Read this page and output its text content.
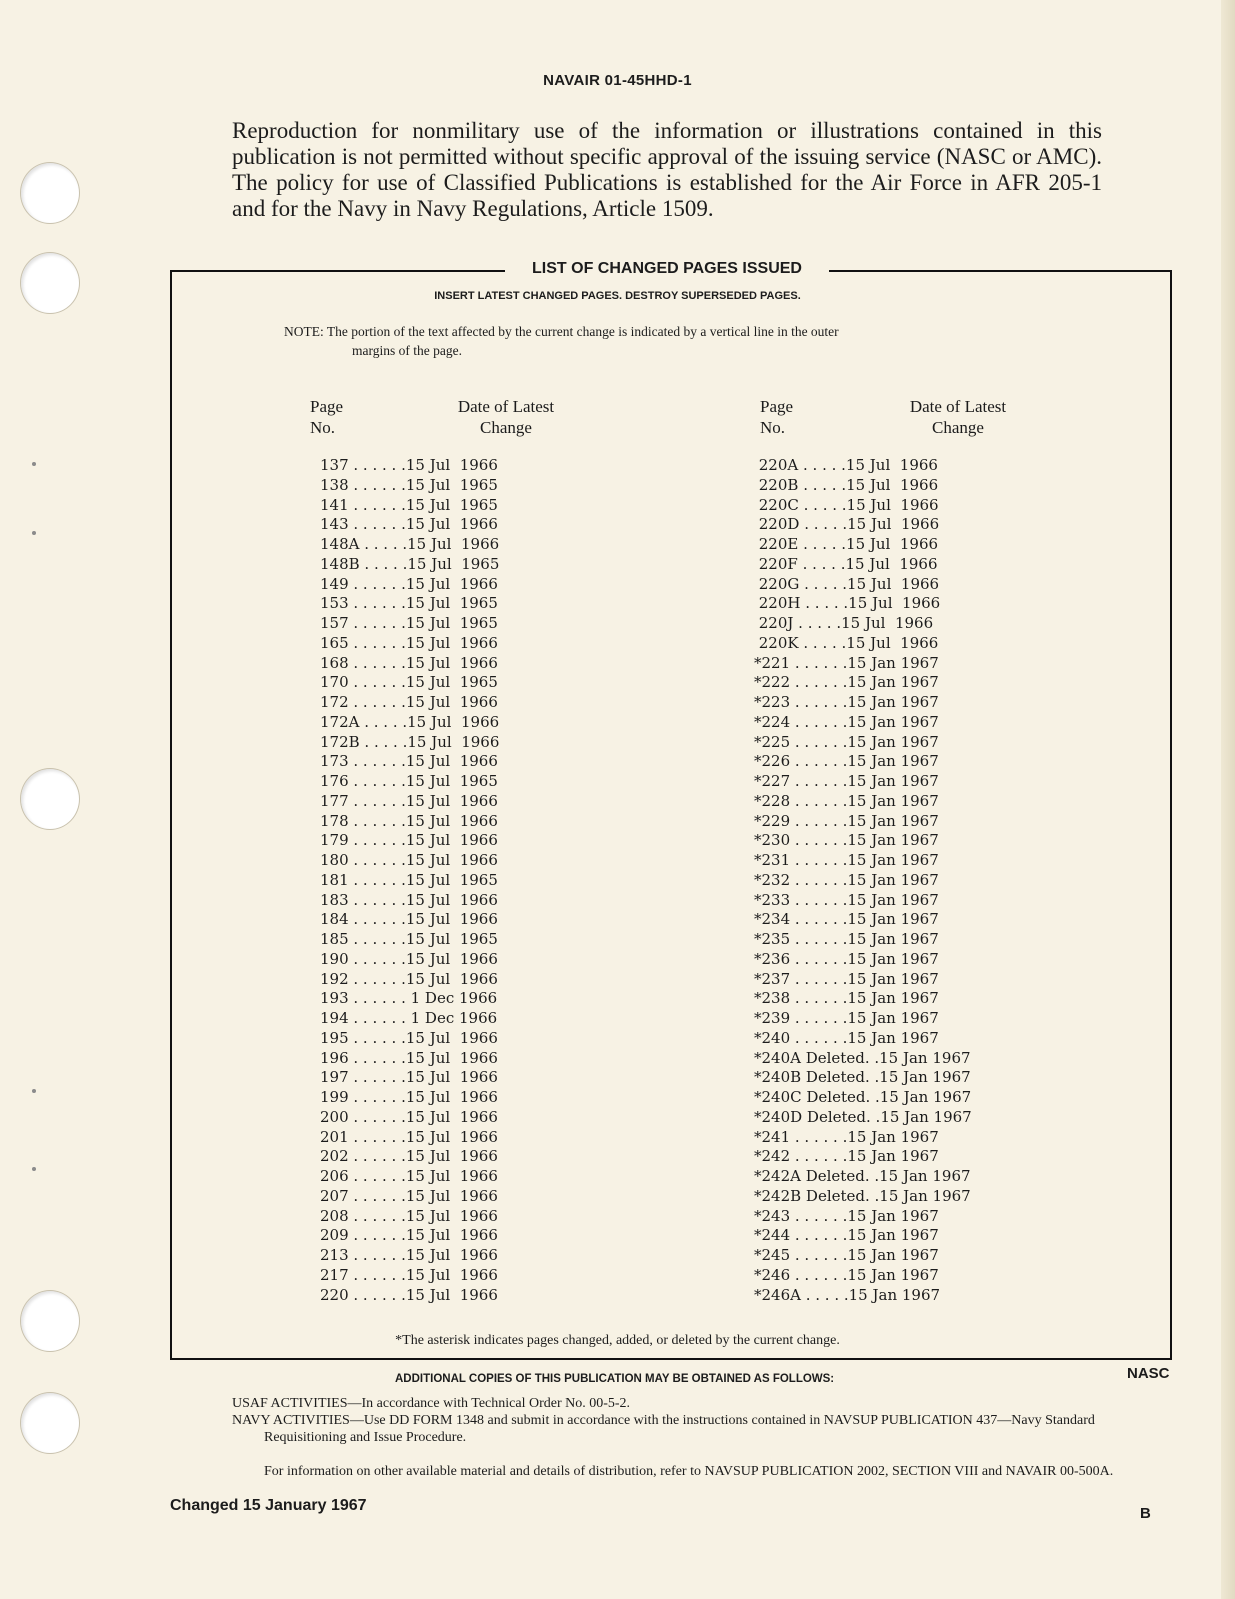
NAVAIR 01-45HHD-1
Reproduction for nonmilitary use of the information or illustrations contained in this publication is not permitted without specific approval of the issuing service (NASC or AMC). The policy for use of Classified Publications is established for the Air Force in AFR 205-1 and for the Navy in Navy Regulations, Article 1509.
LIST OF CHANGED PAGES ISSUED
INSERT LATEST CHANGED PAGES. DESTROY SUPERSEDED PAGES.
NOTE: The portion of the text affected by the current change is indicated by a vertical line in the outer
margins of the page.
Page
No.
Date of Latest
Change
Page
No.
Date of Latest
Change
137 . . . . . .15 Jul  1966
138 . . . . . .15 Jul  1965
141 . . . . . .15 Jul  1965
143 . . . . . .15 Jul  1966
148A . . . . .15 Jul  1966
148B . . . . .15 Jul  1965
149 . . . . . .15 Jul  1966
153 . . . . . .15 Jul  1965
157 . . . . . .15 Jul  1965
165 . . . . . .15 Jul  1966
168 . . . . . .15 Jul  1966
170 . . . . . .15 Jul  1965
172 . . . . . .15 Jul  1966
172A . . . . .15 Jul  1966
172B . . . . .15 Jul  1966
173 . . . . . .15 Jul  1966
176 . . . . . .15 Jul  1965
177 . . . . . .15 Jul  1966
178 . . . . . .15 Jul  1966
179 . . . . . .15 Jul  1966
180 . . . . . .15 Jul  1966
181 . . . . . .15 Jul  1965
183 . . . . . .15 Jul  1966
184 . . . . . .15 Jul  1966
185 . . . . . .15 Jul  1965
190 . . . . . .15 Jul  1966
192 . . . . . .15 Jul  1966
193 . . . . . . 1 Dec 1966
194 . . . . . . 1 Dec 1966
195 . . . . . .15 Jul  1966
196 . . . . . .15 Jul  1966
197 . . . . . .15 Jul  1966
199 . . . . . .15 Jul  1966
200 . . . . . .15 Jul  1966
201 . . . . . .15 Jul  1966
202 . . . . . .15 Jul  1966
206 . . . . . .15 Jul  1966
207 . . . . . .15 Jul  1966
208 . . . . . .15 Jul  1966
209 . . . . . .15 Jul  1966
213 . . . . . .15 Jul  1966
217 . . . . . .15 Jul  1966
220 . . . . . .15 Jul  1966
220A . . . . .15 Jul  1966
220B . . . . .15 Jul  1966
220C . . . . .15 Jul  1966
220D . . . . .15 Jul  1966
220E . . . . .15 Jul  1966
220F . . . . .15 Jul  1966
220G . . . . .15 Jul  1966
220H . . . . .15 Jul  1966
220J . . . . .15 Jul  1966
220K . . . . .15 Jul  1966
*221 . . . . . .15 Jan 1967
*222 . . . . . .15 Jan 1967
*223 . . . . . .15 Jan 1967
*224 . . . . . .15 Jan 1967
*225 . . . . . .15 Jan 1967
*226 . . . . . .15 Jan 1967
*227 . . . . . .15 Jan 1967
*228 . . . . . .15 Jan 1967
*229 . . . . . .15 Jan 1967
*230 . . . . . .15 Jan 1967
*231 . . . . . .15 Jan 1967
*232 . . . . . .15 Jan 1967
*233 . . . . . .15 Jan 1967
*234 . . . . . .15 Jan 1967
*235 . . . . . .15 Jan 1967
*236 . . . . . .15 Jan 1967
*237 . . . . . .15 Jan 1967
*238 . . . . . .15 Jan 1967
*239 . . . . . .15 Jan 1967
*240 . . . . . .15 Jan 1967
*240A Deleted. .15 Jan 1967
*240B Deleted. .15 Jan 1967
*240C Deleted. .15 Jan 1967
*240D Deleted. .15 Jan 1967
*241 . . . . . .15 Jan 1967
*242 . . . . . .15 Jan 1967
*242A Deleted. .15 Jan 1967
*242B Deleted. .15 Jan 1967
*243 . . . . . .15 Jan 1967
*244 . . . . . .15 Jan 1967
*245 . . . . . .15 Jan 1967
*246 . . . . . .15 Jan 1967
*246A . . . . .15 Jan 1967
*The asterisk indicates pages changed, added, or deleted by the current change.
ADDITIONAL COPIES OF THIS PUBLICATION MAY BE OBTAINED AS FOLLOWS:	NASC
USAF ACTIVITIES—In accordance with Technical Order No. 00-5-2.
NAVY ACTIVITIES—Use DD FORM 1348 and submit in accordance with the instructions contained in NAVSUP PUBLICATION 437—Navy Standard Requisitioning and Issue Procedure.
For information on other available material and details of distribution, refer to NAVSUP PUBLICATION 2002, SECTION VIII and NAVAIR 00-500A.
Changed 15 January 1967	B
